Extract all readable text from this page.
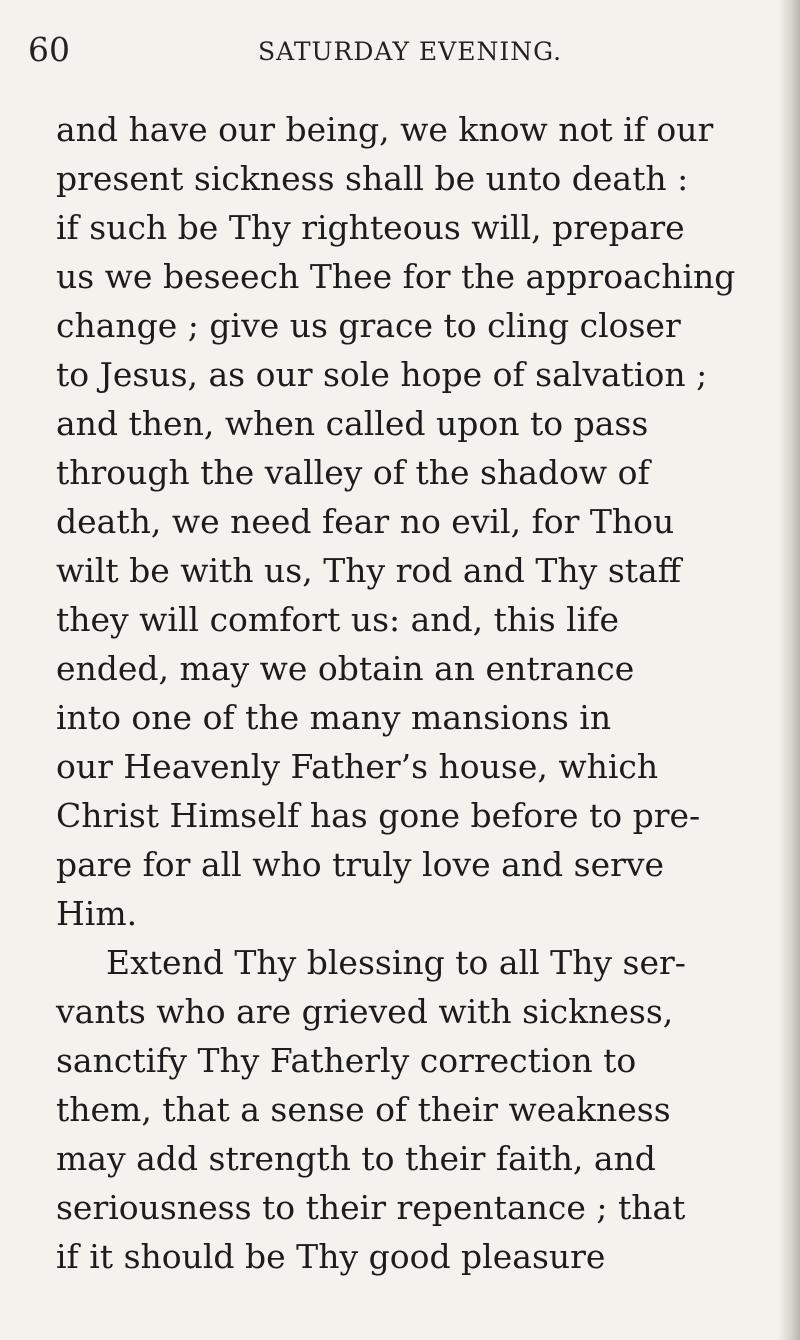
60	SATURDAY EVENING.
and have our being, we know not if our
present sickness shall be unto death :
if such be Thy righteous will, prepare
us we beseech Thee for the approaching
change ; give us grace to cling closer
to Jesus, as our sole hope of salvation ;
and then, when called upon to pass
through the valley of the shadow of
death, we need fear no evil, for Thou
wilt be with us, Thy rod and Thy staff
they will comfort us: and, this life
ended, may we obtain an entrance
into one of the many mansions in
our Heavenly Father’s house, which
Christ Himself has gone before to pre-
pare for all who truly love and serve
Him.
Extend Thy blessing to all Thy ser-
vants who are grieved with sickness,
sanctify Thy Fatherly correction to
them, that a sense of their weakness
may add strength to their faith, and
seriousness to their repentance ; that
if it should be Thy good pleasure
